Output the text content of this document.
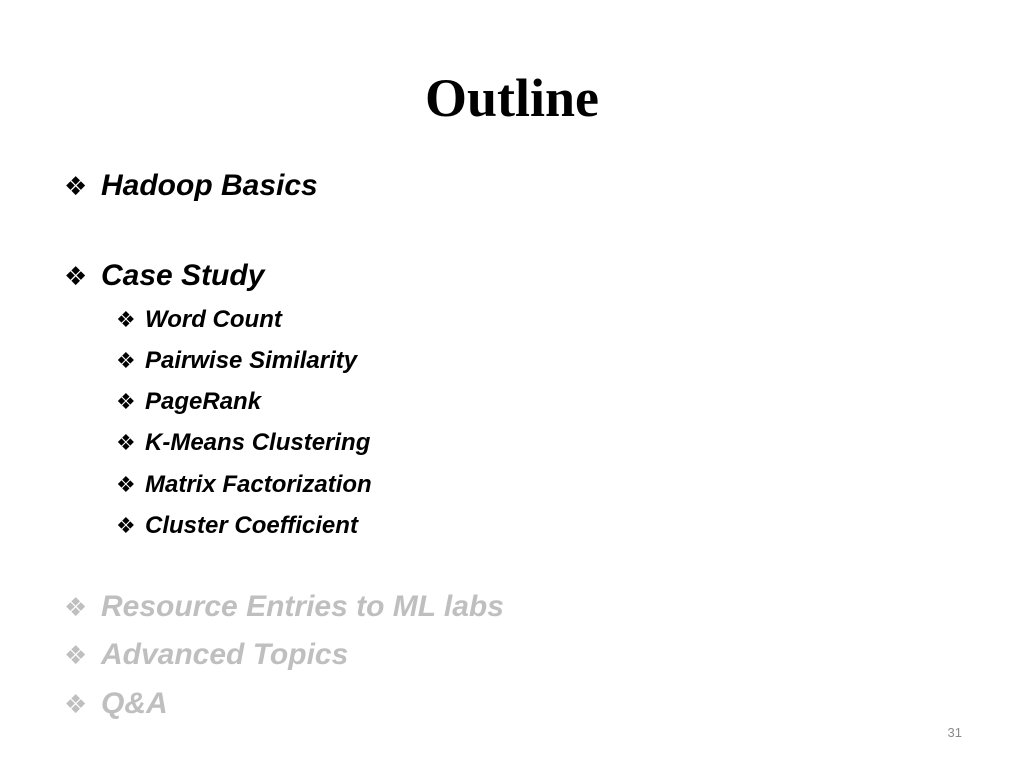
Outline
❖ Hadoop Basics
❖ Case Study
❖ Word Count
❖ Pairwise Similarity
❖ PageRank
❖ K-Means Clustering
❖ Matrix Factorization
❖ Cluster Coefficient
❖ Resource Entries to ML labs
❖ Advanced Topics
❖ Q&A
31
